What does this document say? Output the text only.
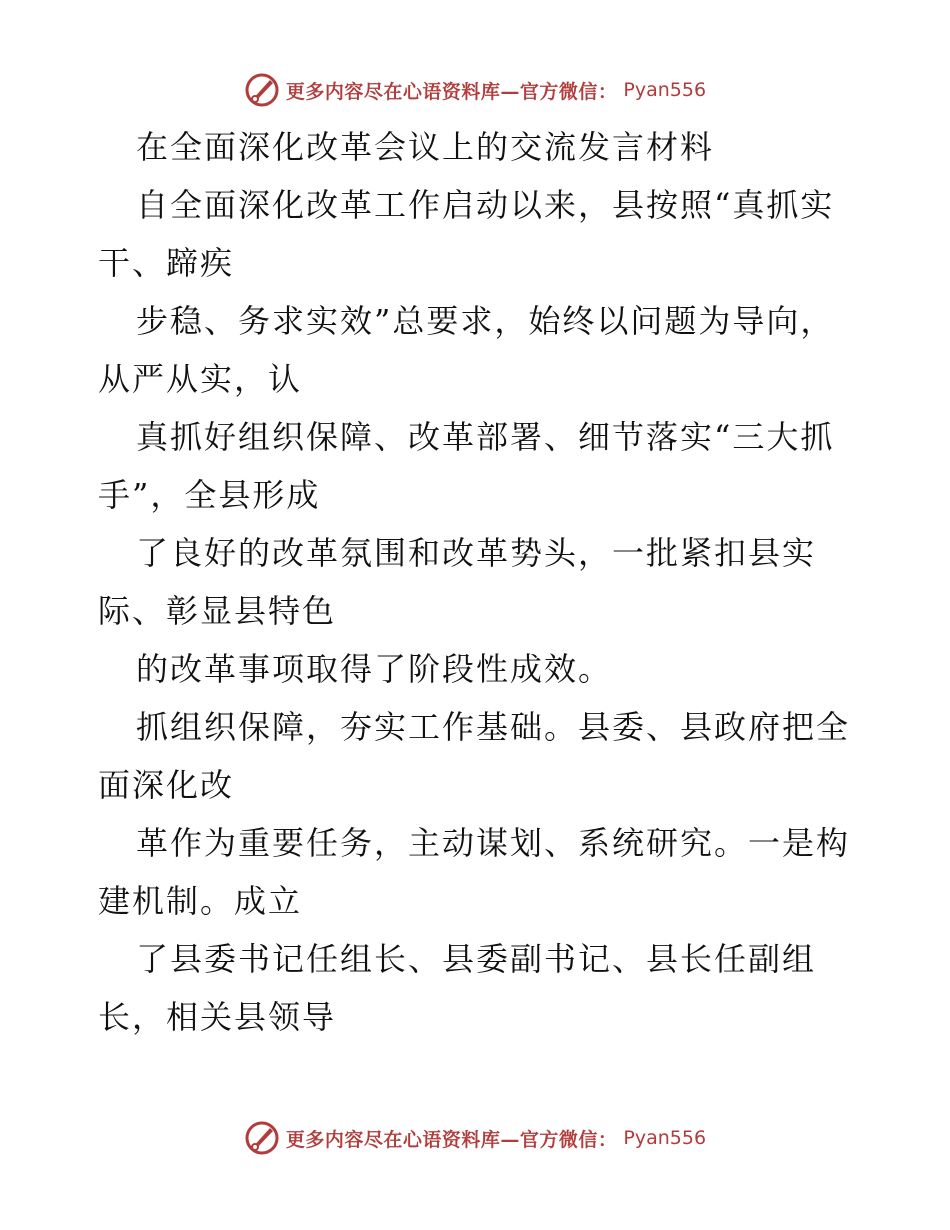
更多内容尽在心语资料库—官方微信： Pyan556
在全面深化改革会议上的交流发言材料
自全面深化改革工作启动以来，县按照“真抓实
干、蹄疾
步稳、务求实效”总要求，始终以问题为导向，
从严从实，认
真抓好组织保障、改革部署、细节落实“三大抓
手”，全县形成
了良好的改革氛围和改革势头，一批紧扣县实
际、彰显县特色
的改革事项取得了阶段性成效。
抓组织保障，夯实工作基础。县委、县政府把全
面深化改
革作为重要任务，主动谋划、系统研究。一是构
建机制。成立
了县委书记任组长、县委副书记、县长任副组
长，相关县领导
更多内容尽在心语资料库—官方微信： Pyan556
